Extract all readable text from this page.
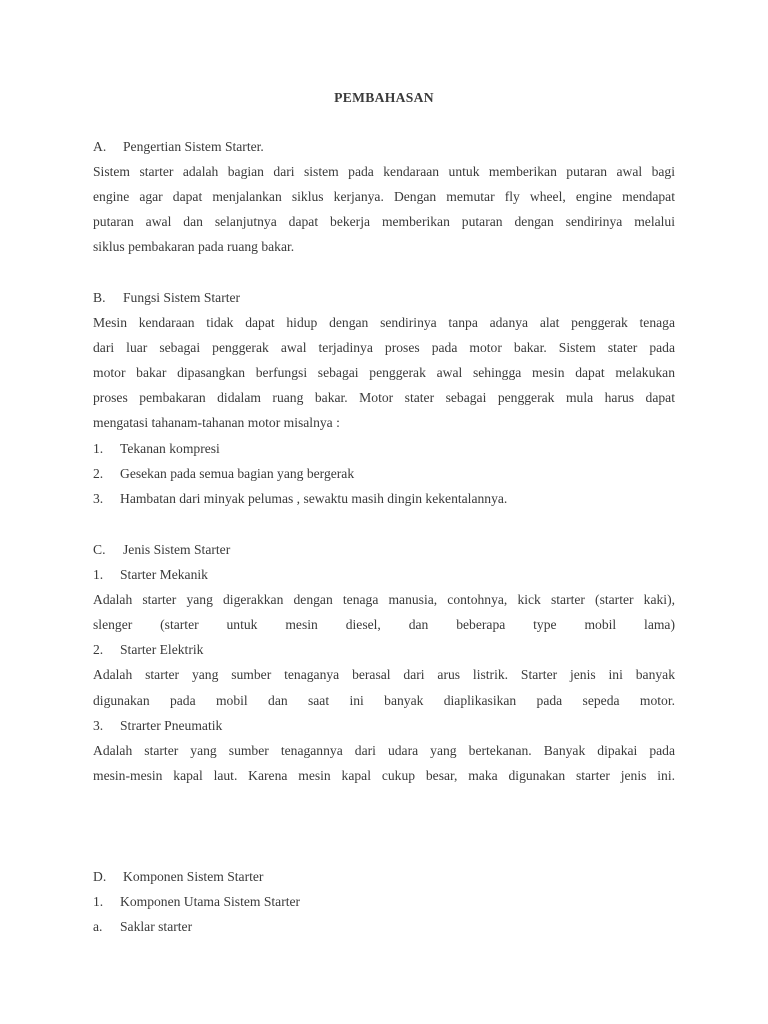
PEMBAHASAN
A. Pengertian Sistem Starter.
Sistem starter adalah bagian dari sistem pada kendaraan untuk memberikan putaran awal bagi
engine agar dapat menjalankan siklus kerjanya. Dengan memutar fly wheel, engine mendapat
putaran awal dan selanjutnya dapat bekerja memberikan putaran dengan sendirinya melalui
siklus pembakaran pada ruang bakar.
B. Fungsi Sistem Starter
Mesin kendaraan tidak dapat hidup dengan sendirinya tanpa adanya alat penggerak tenaga
dari luar sebagai penggerak awal terjadinya proses pada motor bakar. Sistem stater pada
motor bakar dipasangkan berfungsi sebagai penggerak awal sehingga mesin dapat melakukan
proses pembakaran didalam ruang bakar. Motor stater sebagai penggerak mula harus dapat
mengatasi tahanam-tahanan motor misalnya :
1. Tekanan kompresi
2. Gesekan pada semua bagian yang bergerak
3. Hambatan dari minyak pelumas , sewaktu masih dingin kekentalannya.
C. Jenis Sistem Starter
1. Starter Mekanik
Adalah starter yang digerakkan dengan tenaga manusia, contohnya, kick starter (starter kaki),
slenger (starter untuk mesin diesel, dan beberapa type mobil lama)
2. Starter Elektrik
Adalah starter yang sumber tenaganya berasal dari arus listrik. Starter jenis ini banyak
digunakan pada mobil dan saat ini banyak diaplikasikan pada sepeda motor.
3. Strarter Pneumatik
Adalah starter yang sumber tenagannya dari udara yang bertekanan. Banyak dipakai pada
mesin-mesin kapal laut. Karena mesin kapal cukup besar, maka digunakan starter jenis ini.
D. Komponen Sistem Starter
1. Komponen Utama Sistem Starter
a. Saklar starter
